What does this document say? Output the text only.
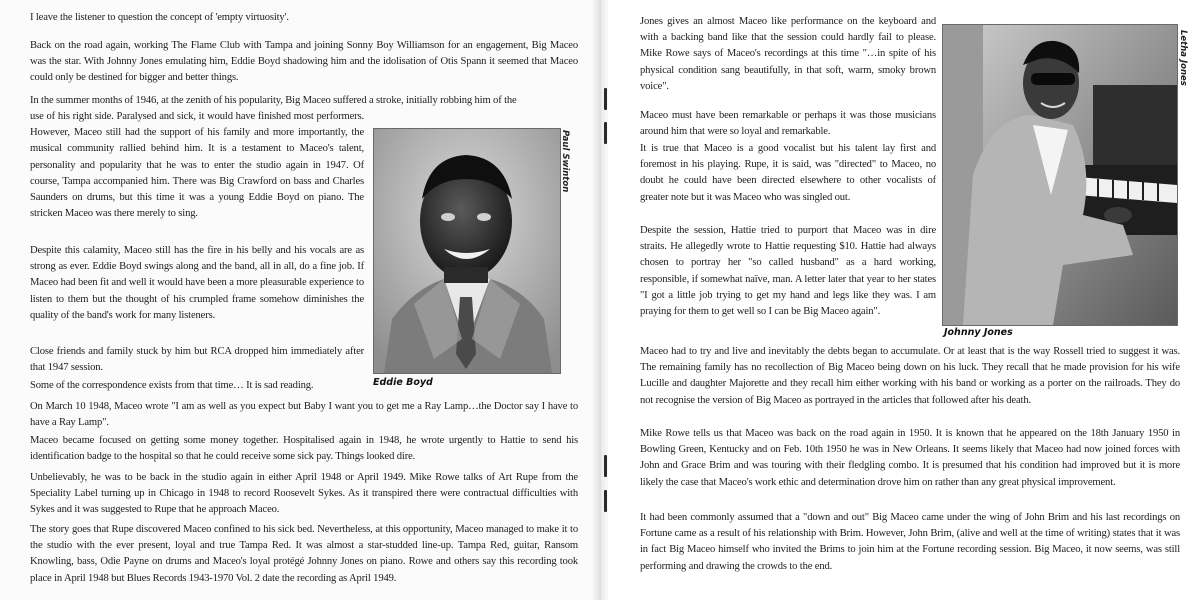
I leave the listener to question the concept of 'empty virtuosity'.

Back on the road again, working The Flame Club with Tampa and joining Sonny Boy Williamson for an engagement, Big Maceo was the star. With Johnny Jones emulating him, Eddie Boyd shadowing him and the idolisation of Otis Spann it seemed that Maceo could only be destined for bigger and better things.

In the summer months of 1946, at the zenith of his popularity, Big Maceo suffered a stroke, initially robbing him of the

use of his right side. Paralysed and sick, it would have finished most performers. However, Maceo still had the support of his family and more importantly, the musical community rallied behind him. It is a testament to Maceo's talent, personality and popularity that he was to enter the studio again in 1947. Of course, Tampa accompanied him. There was Big Crawford on bass and Charles Saunders on drums, but this time it was a young Eddie Boyd on piano. The stricken Maceo was there merely to sing.

Despite this calamity, Maceo still has the fire in his belly and his vocals are as strong as ever. Eddie Boyd swings along and the band, all in all, do a fine job. If Maceo had been fit and well it would have been a more pleasurable experience to listen to them but the thought of his crumpled frame somehow diminishes the quality of the band's work for many listeners.

Close friends and family stuck by him but RCA dropped him immediately after that 1947 session.

Some of the correspondence exists from that time… It is sad reading.

On March 10 1948, Maceo wrote "I am as well as you expect but Baby I want you to get me a Ray Lamp…the Doctor say I have to have a Ray Lamp".

Maceo became focused on getting some money together. Hospitalised again in 1948, he wrote urgently to Hattie to send his identification badge to the hospital so that he could receive some sick pay. Things looked dire.

Unbelievably, he was to be back in the studio again in either April 1948 or April 1949. Mike Rowe talks of Art Rupe from the Speciality Label turning up in Chicago in 1948 to record Roosevelt Sykes. As it transpired there were contractual difficulties with Sykes and it was suggested to Rupe that he approach Maceo.

The story goes that Rupe discovered Maceo confined to his sick bed. Nevertheless, at this opportunity, Maceo managed to make it to the studio with the ever present, loyal and true Tampa Red. It was almost a star-studded line-up. Tampa Red, guitar, Ransom Knowling, bass, Odie Payne on drums and Maceo's loyal protégé Johnny Jones on piano. Rowe and others say this recording took place in April 1948 but Blues Records 1943-1970 Vol. 2 date the recording as April 1949.

Eddie Boyd
Paul Swinton

Jones gives an almost Maceo like performance on the keyboard and with a backing band like that the session could hardly fail to please. Mike Rowe says of Maceo's recordings at this time "…in spite of his physical condition sang beautifully, in that soft, warm, smoky brown voice".

Maceo must have been remarkable or perhaps it was those musicians around him that were so loyal and remarkable.

It is true that Maceo is a good vocalist but his talent lay first and foremost in his playing. Rupe, it is said, was "directed" to Maceo, no doubt he could have been directed elsewhere to other vocalists of greater note but it was Maceo who was singled out.

Despite the session, Hattie tried to purport that Maceo was in dire straits. He allegedly wrote to Hattie requesting $10. Hattie had always chosen to portray her "so called husband" as a hard working, responsible, if somewhat naïve, man. A letter later that year to her states "I got a little job trying to get my hand and legs like they was. I am praying for them to get well so I can be Big Maceo again".

Maceo had to try and live and inevitably the debts began to accumulate. Or at least that is the way Rossell tried to suggest it was. The remaining family has no recollection of Big Maceo being down on his luck. They recall that he made provision for his wife Lucille and daughter Majorette and they recall him either working with his band or working as a porter on the railroads. They do not recognise the version of Big Maceo as portrayed in the articles that followed after his death.

Mike Rowe tells us that Maceo was back on the road again in 1950. It is known that he appeared on the 18th January 1950 in Bowling Green, Kentucky and on Feb. 10th 1950 he was in New Orleans. It seems likely that Maceo had now joined forces with John and Grace Brim and was touring with their fledgling combo. It is presumed that his condition had improved but it is more likely the case that Maceo's work ethic and determination drove him on rather than any great physical improvement.

It had been commonly assumed that a "down and out" Big Maceo came under the wing of John Brim and his last recordings on Fortune came as a result of his relationship with Brim. However, John Brim, (alive and well at the time of writing) states that it was in fact Big Maceo himself who invited the Brims to join him at the Fortune recording session. Big Maceo, it now seems, was still performing and drawing the crowds to the end.

Johnny Jones
Letha Jones
